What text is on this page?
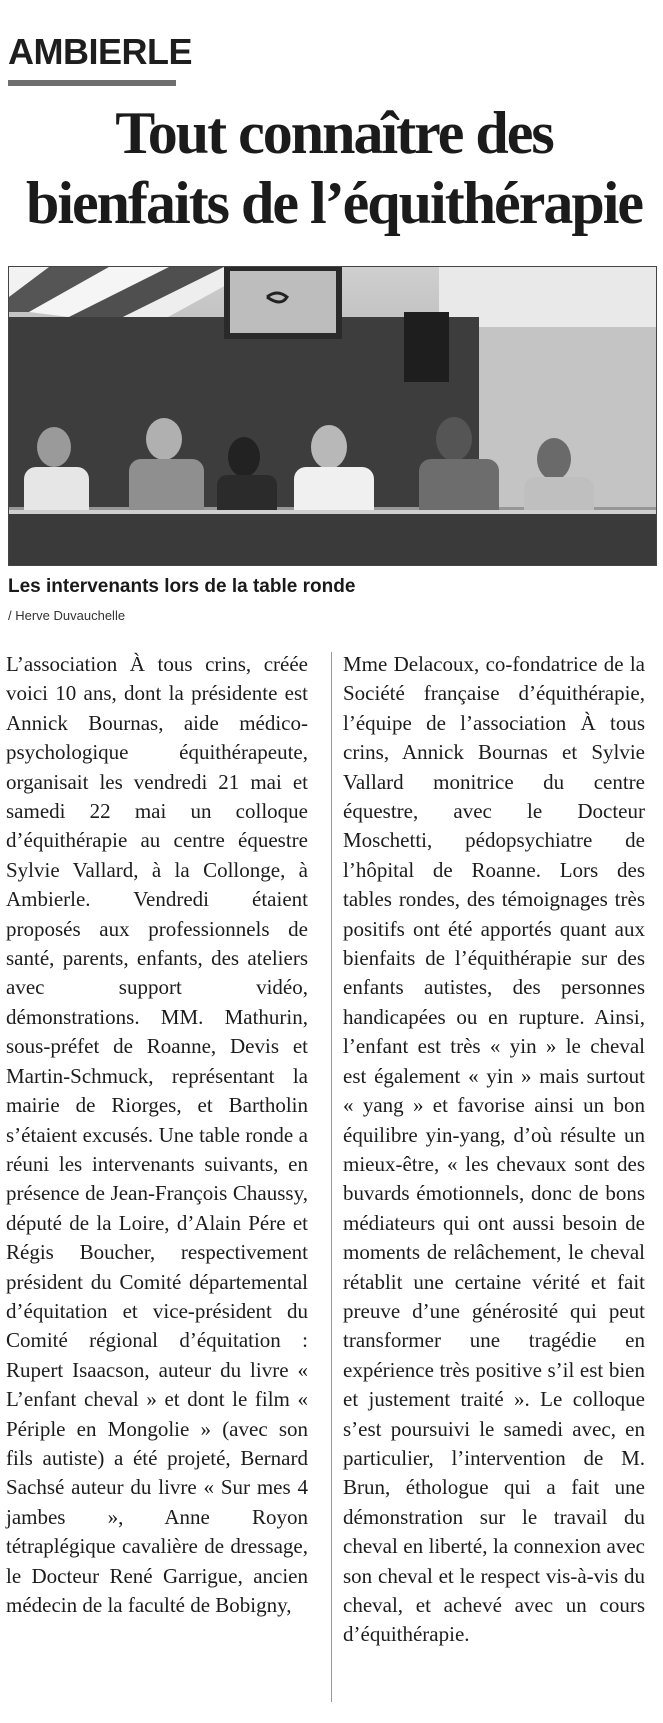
AMBIERLE
Tout connaître des
bienfaits de l’équithérapie
Les intervenants lors de la table ronde
/ Herve Duvauchelle
L’association À tous crins, créée voici 10 ans, dont la présidente est Annick Bournas, aide médico-psychologique équithérapeute, organisait les vendredi 21 mai et samedi 22 mai un colloque d’équithérapie au centre équestre Sylvie Vallard, à la Collonge, à Ambierle. Vendredi étaient proposés aux professionnels de santé, parents, enfants, des ateliers avec support vidéo, démonstrations. MM. Mathurin, sous-préfet de Roanne, Devis et Martin-Schmuck, représentant la mairie de Riorges, et Bartholin s’étaient excusés. Une table ronde a réuni les intervenants suivants, en présence de Jean-François Chaussy, député de la Loire, d’Alain Pére et Régis Boucher, respectivement président du Comité départemental d’équitation et vice-président du Comité régional d’équitation : Rupert Isaacson, auteur du livre « L’enfant cheval » et dont le film « Périple en Mongolie » (avec son fils autiste) a été projeté, Bernard Sachsé auteur du livre « Sur mes 4 jambes », Anne Royon tétraplégique cavalière de dressage, le Docteur René Garrigue, ancien médecin de la faculté de Bobigny,
Mme Delacoux, co-fondatrice de la Société française d’équithérapie, l’équipe de l’association À tous crins, Annick Bournas et Sylvie Vallard monitrice du centre équestre, avec le Docteur Moschetti, pédopsychiatre de l’hôpital de Roanne. Lors des tables rondes, des témoignages très positifs ont été apportés quant aux bienfaits de l’équithérapie sur des enfants autistes, des personnes handicapées ou en rupture. Ainsi, l’enfant est très « yin » le cheval est également « yin » mais surtout « yang » et favorise ainsi un bon équilibre yin-yang, d’où résulte un mieux-être, « les chevaux sont des buvards émotionnels, donc de bons médiateurs qui ont aussi besoin de moments de relâchement, le cheval rétablit une certaine vérité et fait preuve d’une générosité qui peut transformer une tragédie en expérience très positive s’il est bien et justement traité ». Le colloque s’est poursuivi le samedi avec, en particulier, l’intervention de M. Brun, éthologue qui a fait une démonstration sur le travail du cheval en liberté, la connexion avec son cheval et le respect vis-à-vis du cheval, et achevé avec un cours d’équithérapie.
